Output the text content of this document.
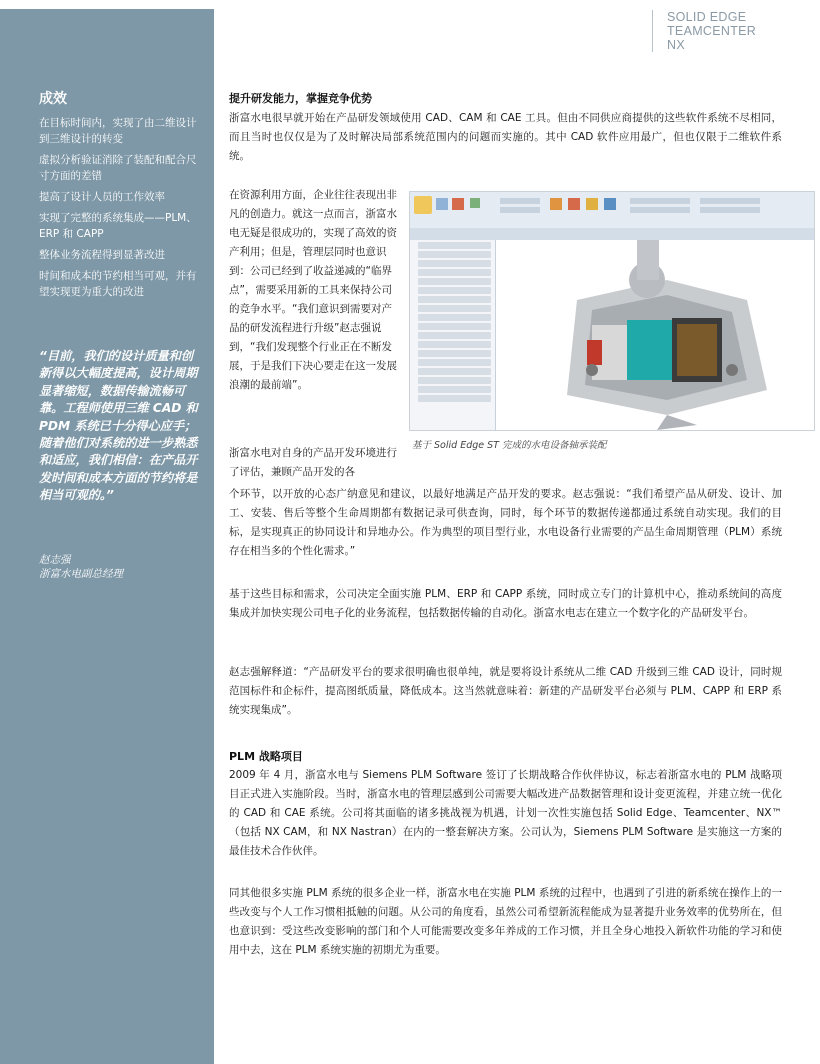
SOLID EDGE
TEAMCENTER
NX
成效
在目标时间内，实现了由二维设计到三维设计的转变
虚拟分析验证消除了装配和配合尺寸方面的差错
提高了设计人员的工作效率
实现了完整的系统集成——PLM、ERP 和 CAPP
整体业务流程得到显著改进
时间和成本的节约相当可观，并有望实现更为重大的改进
“目前，我们的设计质量和创新得以大幅度提高，设计周期显著缩短，数据传输流畅可靠。工程师使用三维 CAD 和 PDM 系统已十分得心应手；随着他们对系统的进一步熟悉和适应，我们相信：在产品开发时间和成本方面的节约将是相当可观的。”
赵志强
浙富水电副总经理
提升研发能力，掌握竞争优势
浙富水电很早就开始在产品研发领域使用 CAD、CAM 和 CAE 工具。但由不同供应商提供的这些软件系统不尽相同，而且当时也仅仅是为了及时解决局部系统范围内的问题而实施的。其中 CAD 软件应用最广，但也仅限于二维软件系统。
在资源利用方面，企业往往表现出非凡的创造力。就这一点而言，浙富水电无疑是很成功的，实现了高效的资产利用；但是，管理层同时也意识到：公司已经到了收益递减的“临界点”，需要采用新的工具来保持公司的竞争水平。“我们意识到需要对产品的研发流程进行升级”赵志强说到，“我们发现整个行业正在不断发展，于是我们下决心要走在这一发展浪潮的最前端”。
基于 Solid Edge ST 完成的水电设备轴承装配
浙富水电对自身的产品开发环境进行了评估，兼顾产品开发的各
个环节，以开放的心态广纳意见和建议，以最好地满足产品开发的要求。赵志强说：“我们希望产品从研发、设计、加工、安装、售后等整个生命周期都有数据记录可供查询，同时，每个环节的数据传递都通过系统自动实现。我们的目标，是实现真正的协同设计和异地办公。作为典型的项目型行业，水电设备行业需要的产品生命周期管理（PLM）系统存在相当多的个性化需求。”
基于这些目标和需求，公司决定全面实施 PLM、ERP 和 CAPP 系统，同时成立专门的计算机中心，推动系统间的高度集成并加快实现公司电子化的业务流程，包括数据传输的自动化。浙富水电志在建立一个数字化的产品研发平台。
赵志强解释道：“产品研发平台的要求很明确也很单纯，就是要将设计系统从二维 CAD 升级到三维 CAD 设计，同时规范国标件和企标件，提高图纸质量，降低成本。这当然就意味着：新建的产品研发平台必须与 PLM、CAPP 和 ERP 系统实现集成”。
PLM 战略项目
2009 年 4 月，浙富水电与 Siemens PLM Software 签订了长期战略合作伙伴协议，标志着浙富水电的 PLM 战略项目正式进入实施阶段。当时，浙富水电的管理层感到公司需要大幅改进产品数据管理和设计变更流程，并建立统一优化的 CAD 和 CAE 系统。公司将其面临的诸多挑战视为机遇，计划一次性实施包括 Solid Edge、Teamcenter、NX™（包括 NX CAM，和 NX Nastran）在内的一整套解决方案。公司认为，Siemens PLM Software 是实施这一方案的最佳技术合作伙伴。
同其他很多实施 PLM 系统的很多企业一样，浙富水电在实施 PLM 系统的过程中，也遇到了引进的新系统在操作上的一些改变与个人工作习惯相抵触的问题。从公司的角度看，虽然公司希望新流程能成为显著提升业务效率的优势所在，但也意识到：受这些改变影响的部门和个人可能需要改变多年养成的工作习惯，并且全身心地投入新软件功能的学习和使用中去，这在 PLM 系统实施的初期尤为重要。
